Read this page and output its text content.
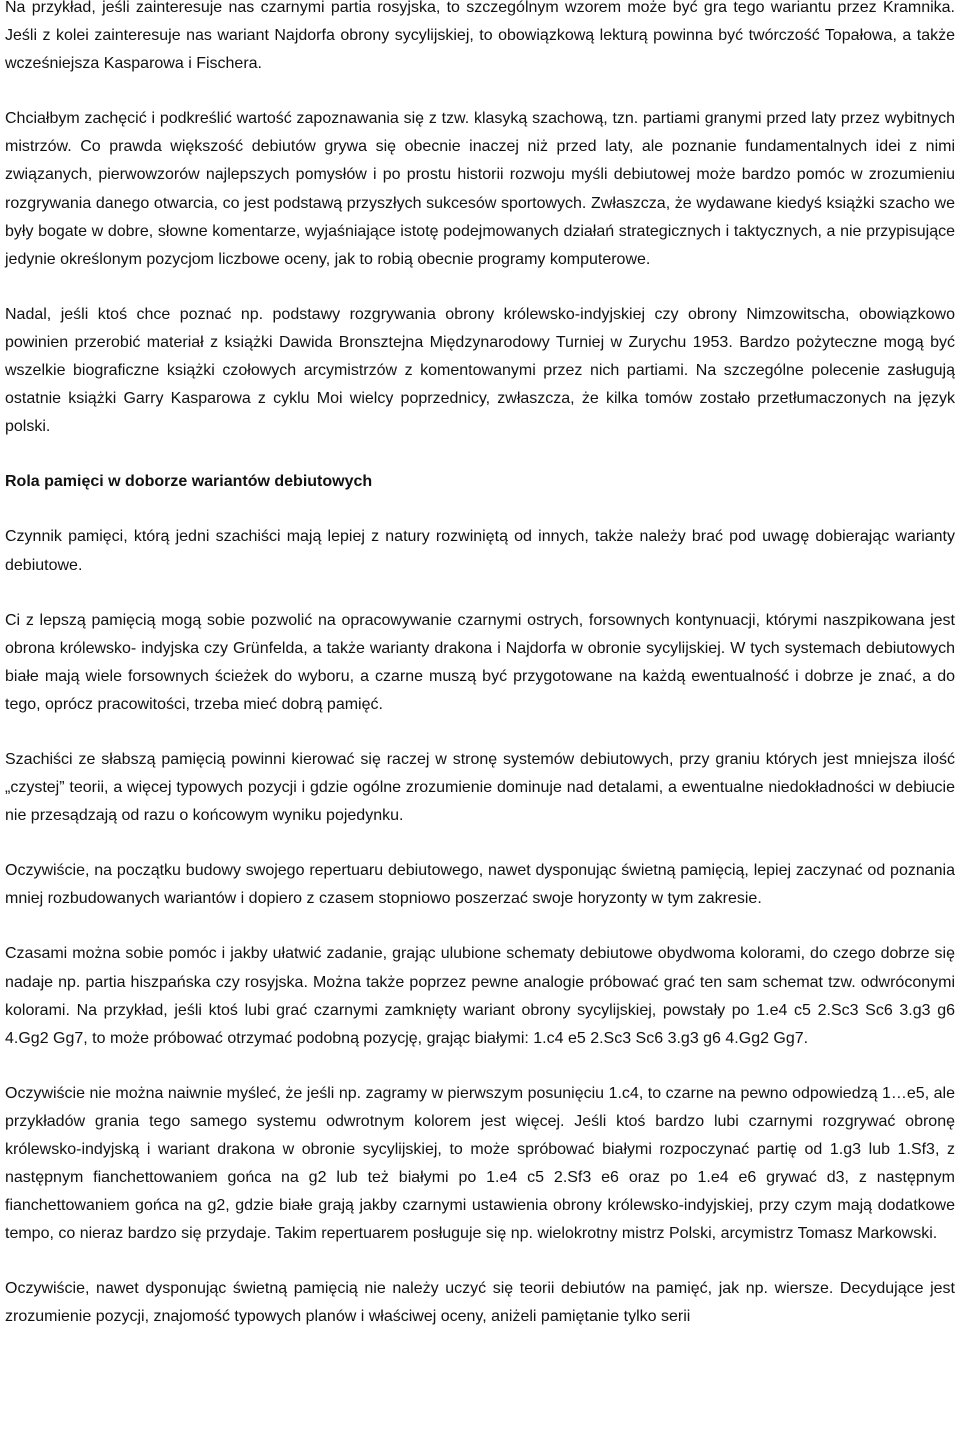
Na przykład, jeśli zainteresuje nas czarnymi partia rosyjska, to szczególnym wzorem może być gra tego wariantu przez Kramnika. Jeśli z kolei zainteresuje nas wariant Najdorfa obrony sycylijskiej, to obowiązkową lekturą powinna być twórczość Topałowa, a także wcześniejsza Kasparowa i Fischera.

Chciałbym zachęcić i podkreślić wartość zapoznawania się z tzw. klasyką szachową, tzn. partiami granymi przed laty przez wybitnych mistrzów. Co prawda większość debiutów grywa się obecnie inaczej niż przed laty, ale poznanie fundamentalnych idei z nimi związanych, pierwowzorów najlepszych pomysłów i po prostu historii rozwoju myśli debiutowej może bardzo pomóc w zrozumieniu rozgrywania danego otwarcia, co jest podstawą przyszłych sukcesów sportowych. Zwłaszcza, że wydawane kiedyś książki szacho we były bogate w dobre, słowne komentarze, wyjaśniające istotę podejmowanych działań strategicznych i taktycznych, a nie przypisujące jedynie określonym pozycjom liczbowe oceny, jak to robią obecnie programy komputerowe.

Nadal, jeśli ktoś chce poznać np. podstawy rozgrywania obrony królewsko-indyjskiej czy obrony Nimzowitscha, obowiązkowo powinien przerobić materiał z książki Dawida Bronsztejna Międzynarodowy Turniej w Zurychu 1953. Bardzo pożyteczne mogą być wszelkie biograficzne książki czołowych arcymistrzów z komentowanymi przez nich partiami. Na szczególne polecenie zasługują ostatnie książki Garry Kasparowa z cyklu Moi wielcy poprzednicy, zwłaszcza, że kilka tomów zostało przetłumaczonych na język polski.

Rola pamięci w doborze wariantów debiutowych

Czynnik pamięci, którą jedni szachiści mają lepiej z natury rozwiniętą od innych, także należy brać pod uwagę dobierając warianty debiutowe.

Ci z lepszą pamięcią mogą sobie pozwolić na opracowywanie czarnymi ostrych, forsownych kontynuacji, którymi naszpikowana jest obrona królewsko- indyjska czy Grünfelda, a także warianty drakona i Najdorfa w obronie sycylijskiej. W tych systemach debiutowych białe mają wiele forsownych ścieżek do wyboru, a czarne muszą być przygotowane na każdą ewentualność i dobrze je znać, a do tego, oprócz pracowitości, trzeba mieć dobrą pamięć.

Szachiści ze słabszą pamięcią powinni kierować się raczej w stronę systemów debiutowych, przy graniu których jest mniejsza ilość „czystej” teorii, a więcej typowych pozycji i gdzie ogólne zrozumienie dominuje nad detalami, a ewentualne niedokładności w debiucie nie przesądzają od razu o końcowym wyniku pojedynku.

Oczywiście, na początku budowy swojego repertuaru debiutowego, nawet dysponując świetną pamięcią, lepiej zaczynać od poznania mniej rozbudowanych wariantów i dopiero z czasem stopniowo poszerzać swoje horyzonty w tym zakresie.

Czasami można sobie pomóc i jakby ułatwić zadanie, grając ulubione schematy debiutowe obydwoma kolorami, do czego dobrze się nadaje np. partia hiszpańska czy rosyjska. Można także poprzez pewne analogie próbować grać ten sam schemat tzw. odwróconymi kolorami. Na przykład, jeśli ktoś lubi grać czarnymi zamknięty wariant obrony sycylijskiej, powstały po 1.e4 c5 2.Sc3 Sc6 3.g3 g6 4.Gg2 Gg7, to może próbować otrzymać podobną pozycję, grając białymi: 1.c4 e5 2.Sc3 Sc6 3.g3 g6 4.Gg2 Gg7.

Oczywiście nie można naiwnie myśleć, że jeśli np. zagramy w pierwszym posunięciu 1.c4, to czarne na pewno odpowiedzą 1…e5, ale przykładów grania tego samego systemu odwrotnym kolorem jest więcej. Jeśli ktoś bardzo lubi czarnymi rozgrywać obronę królewsko-indyjską i wariant drakona w obronie sycylijskiej, to może spróbować białymi rozpoczynać partię od 1.g3 lub 1.Sf3, z następnym fianchettowaniem gońca na g2 lub też białymi po 1.e4 c5 2.Sf3 e6 oraz po 1.e4 e6 grywać d3, z następnym fianchettowaniem gońca na g2, gdzie białe grają jakby czarnymi ustawienia obrony królewsko-indyjskiej, przy czym mają dodatkowe tempo, co nieraz bardzo się przydaje. Takim repertuarem posługuje się np. wielokrotny mistrz Polski, arcymistrz Tomasz Markowski.

Oczywiście, nawet dysponując świetną pamięcią nie należy uczyć się teorii debiutów na pamięć, jak np. wiersze. Decydujące jest zrozumienie pozycji, znajomość typowych planów i właściwej oceny, aniżeli pamiętanie tylko serii
